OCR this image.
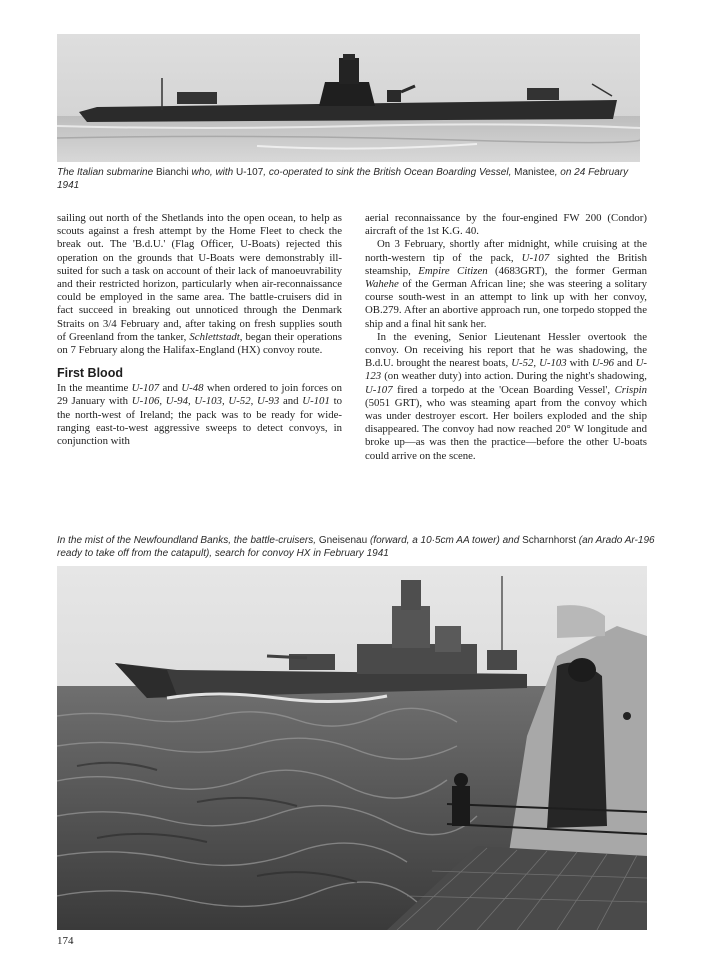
The Italian submarine Bianchi who, with U-107, co-operated to sink the British Ocean Boarding Vessel, Manistee, on 24 February 1941

sailing out north of the Shetlands into the open ocean, to help as scouts against a fresh attempt by the Home Fleet to check the break out. The 'B.d.U.' (Flag Officer, U-Boats) rejected this operation on the grounds that U-Boats were demonstrably ill-suited for such a task on account of their lack of manoeuvrability and their restricted horizon, particularly when air-reconnaissance could be employed in the same area. The battle-cruisers did in fact succeed in breaking out unnoticed through the Denmark Straits on 3/4 February and, after taking on fresh supplies south of Greenland from the tanker, Schlettstadt, began their operations on 7 February along the Halifax-England (HX) convoy route.

First Blood

In the meantime U-107 and U-48 when ordered to join forces on 29 January with U-106, U-94, U-103, U-52, U-93 and U-101 to the north-west of Ireland; the pack was to be ready for wide-ranging east-to-west aggressive sweeps to detect convoys, in conjunction with

aerial reconnaissance by the four-engined FW 200 (Condor) aircraft of the 1st K.G. 40.

On 3 February, shortly after midnight, while cruising at the north-western tip of the pack, U-107 sighted the British steamship, Empire Citizen (4683GRT), the former German Wahehe of the German African line; she was steering a solitary course south-west in an attempt to link up with her convoy, OB.279. After an abortive approach run, one torpedo stopped the ship and a final hit sank her.

In the evening, Senior Lieutenant Hessler overtook the convoy. On receiving his report that he was shadowing, the B.d.U. brought the nearest boats, U-52, U-103 with U-96 and U-123 (on weather duty) into action. During the night's shadowing, U-107 fired a torpedo at the 'Ocean Boarding Vessel', Crispin (5051 GRT), who was steaming apart from the convoy which was under destroyer escort. Her boilers exploded and the ship disappeared. The convoy had now reached 20° W longitude and broke up—as was then the practice—before the other U-boats could arrive on the scene.

In the mist of the Newfoundland Banks, the battle-cruisers, Gneisenau (forward, a 10·5cm AA tower) and Scharnhorst (an Arado Ar-196 ready to take off from the catapult), search for convoy HX in February 1941
174
